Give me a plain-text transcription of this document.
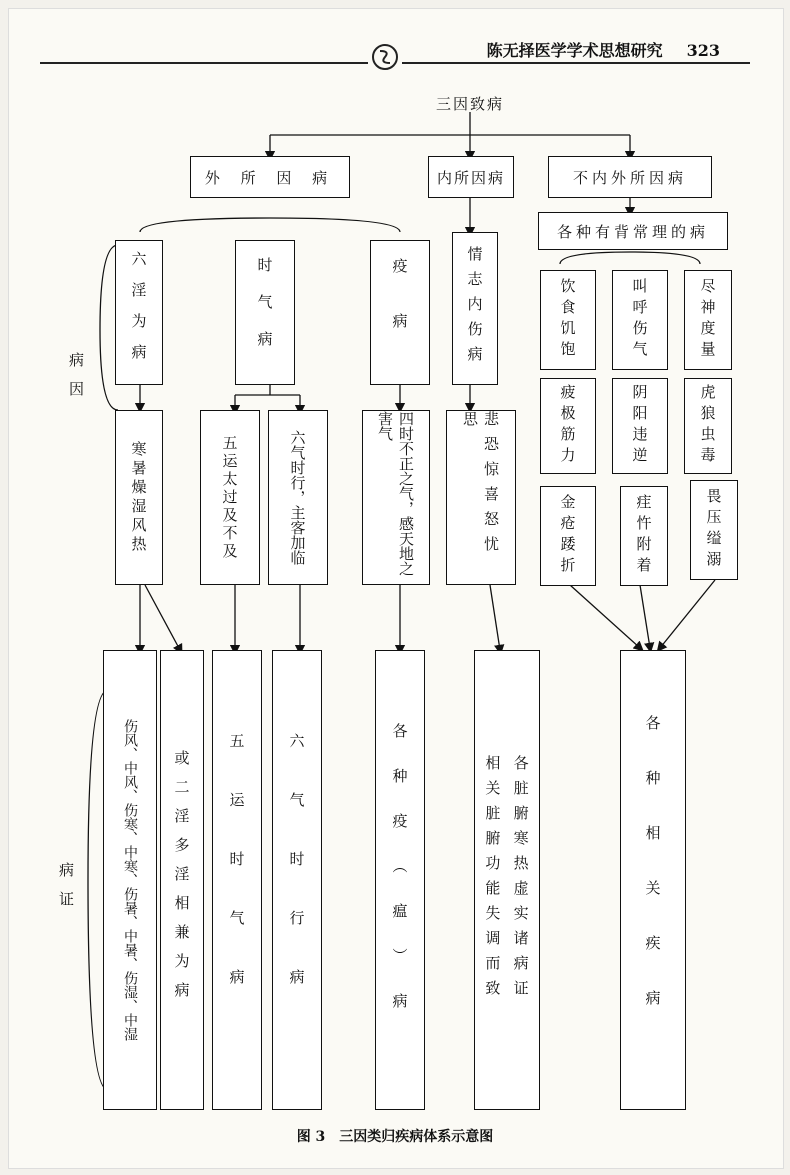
陈无择医学学术思想研究 323
三因致病
外 所 因 病	内所因病	不内外所因病
各种有背常理的病
六淫为病	时气病	疫病	情志内伤病	饮食饥饱	叫呼伤气	尽神度量
疲极筋力	阴阳违逆	虎狼虫毒
金疮踒折	疰忤附着	畏压缢溺
寒暑燥湿风热	五运太过及不及	六气时行，主客加临	四时不正之气，感天地之害气	悲恐惊喜怒忧思
伤风、中风、伤寒、中寒、伤暑、中暑、伤湿、中湿	或二淫多淫相兼为病	五运时气病	六气时行病	各种疫（瘟）病	相关脏腑功能失调而致 各脏腑寒热虚实诸病证	各种相关疾病
病因
病证
图 3　三因类归疾病体系示意图
